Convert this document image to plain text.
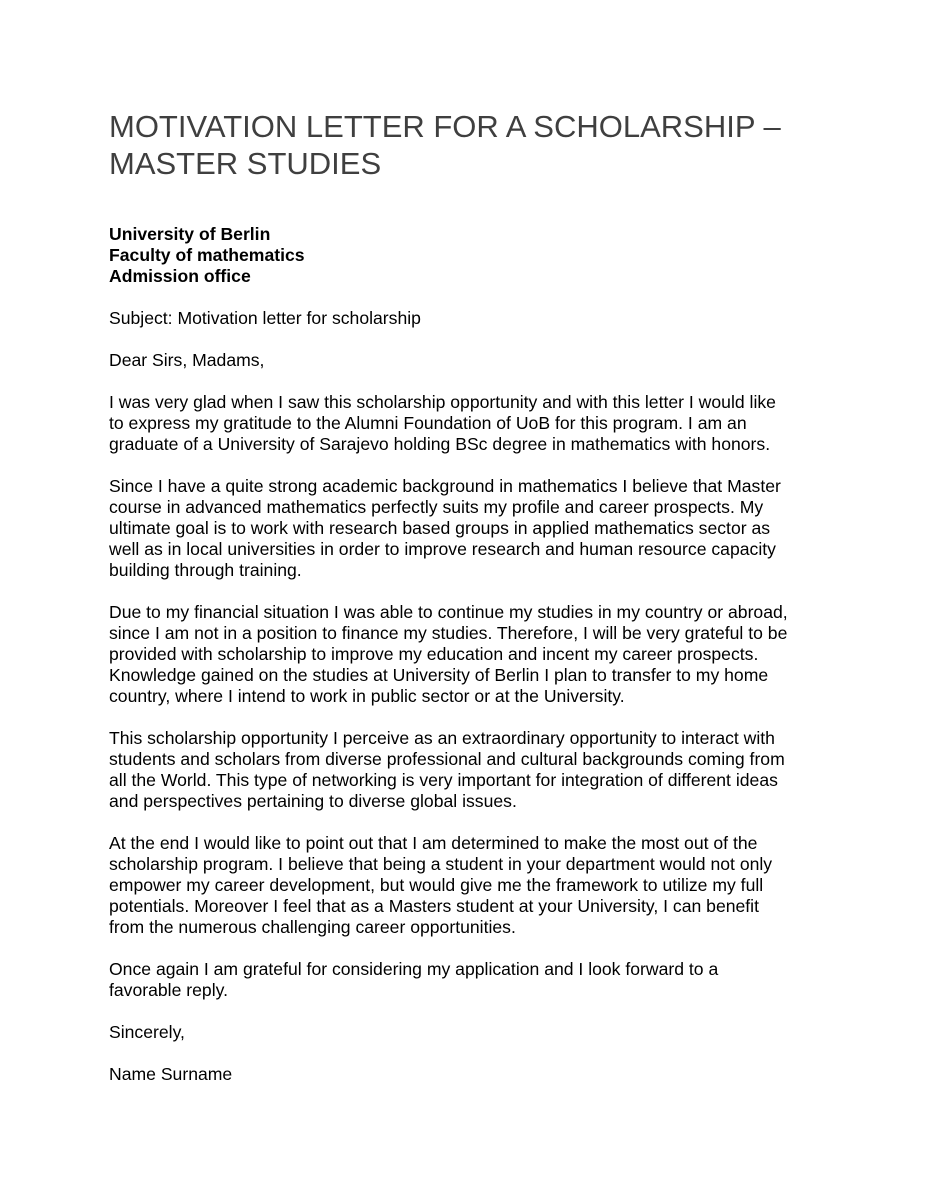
MOTIVATION LETTER FOR A SCHOLARSHIP –
MASTER STUDIES

University of Berlin
Faculty of mathematics
Admission office

Subject: Motivation letter for scholarship

Dear Sirs, Madams,

I was very glad when I saw this scholarship opportunity and with this letter I would like
to express my gratitude to the Alumni Foundation of UoB for this program. I am an
graduate of a University of Sarajevo holding BSc degree in mathematics with honors.

Since I have a quite strong academic background in mathematics I believe that Master
course in advanced mathematics perfectly suits my profile and career prospects. My
ultimate goal is to work with research based groups in applied mathematics sector as
well as in local universities in order to improve research and human resource capacity
building through training.

Due to my financial situation I was able to continue my studies in my country or abroad,
since I am not in a position to finance my studies. Therefore, I will be very grateful to be
provided with scholarship to improve my education and incent my career prospects.
Knowledge gained on the studies at University of Berlin I plan to transfer to my home
country, where I intend to work in public sector or at the University.

This scholarship opportunity I perceive as an extraordinary opportunity to interact with
students and scholars from diverse professional and cultural backgrounds coming from
all the World. This type of networking is very important for integration of different ideas
and perspectives pertaining to diverse global issues.

At the end I would like to point out that I am determined to make the most out of the
scholarship program. I believe that being a student in your department would not only
empower my career development, but would give me the framework to utilize my full
potentials. Moreover I feel that as a Masters student at your University, I can benefit
from the numerous challenging career opportunities.

Once again I am grateful for considering my application and I look forward to a
favorable reply.

Sincerely,

Name Surname
